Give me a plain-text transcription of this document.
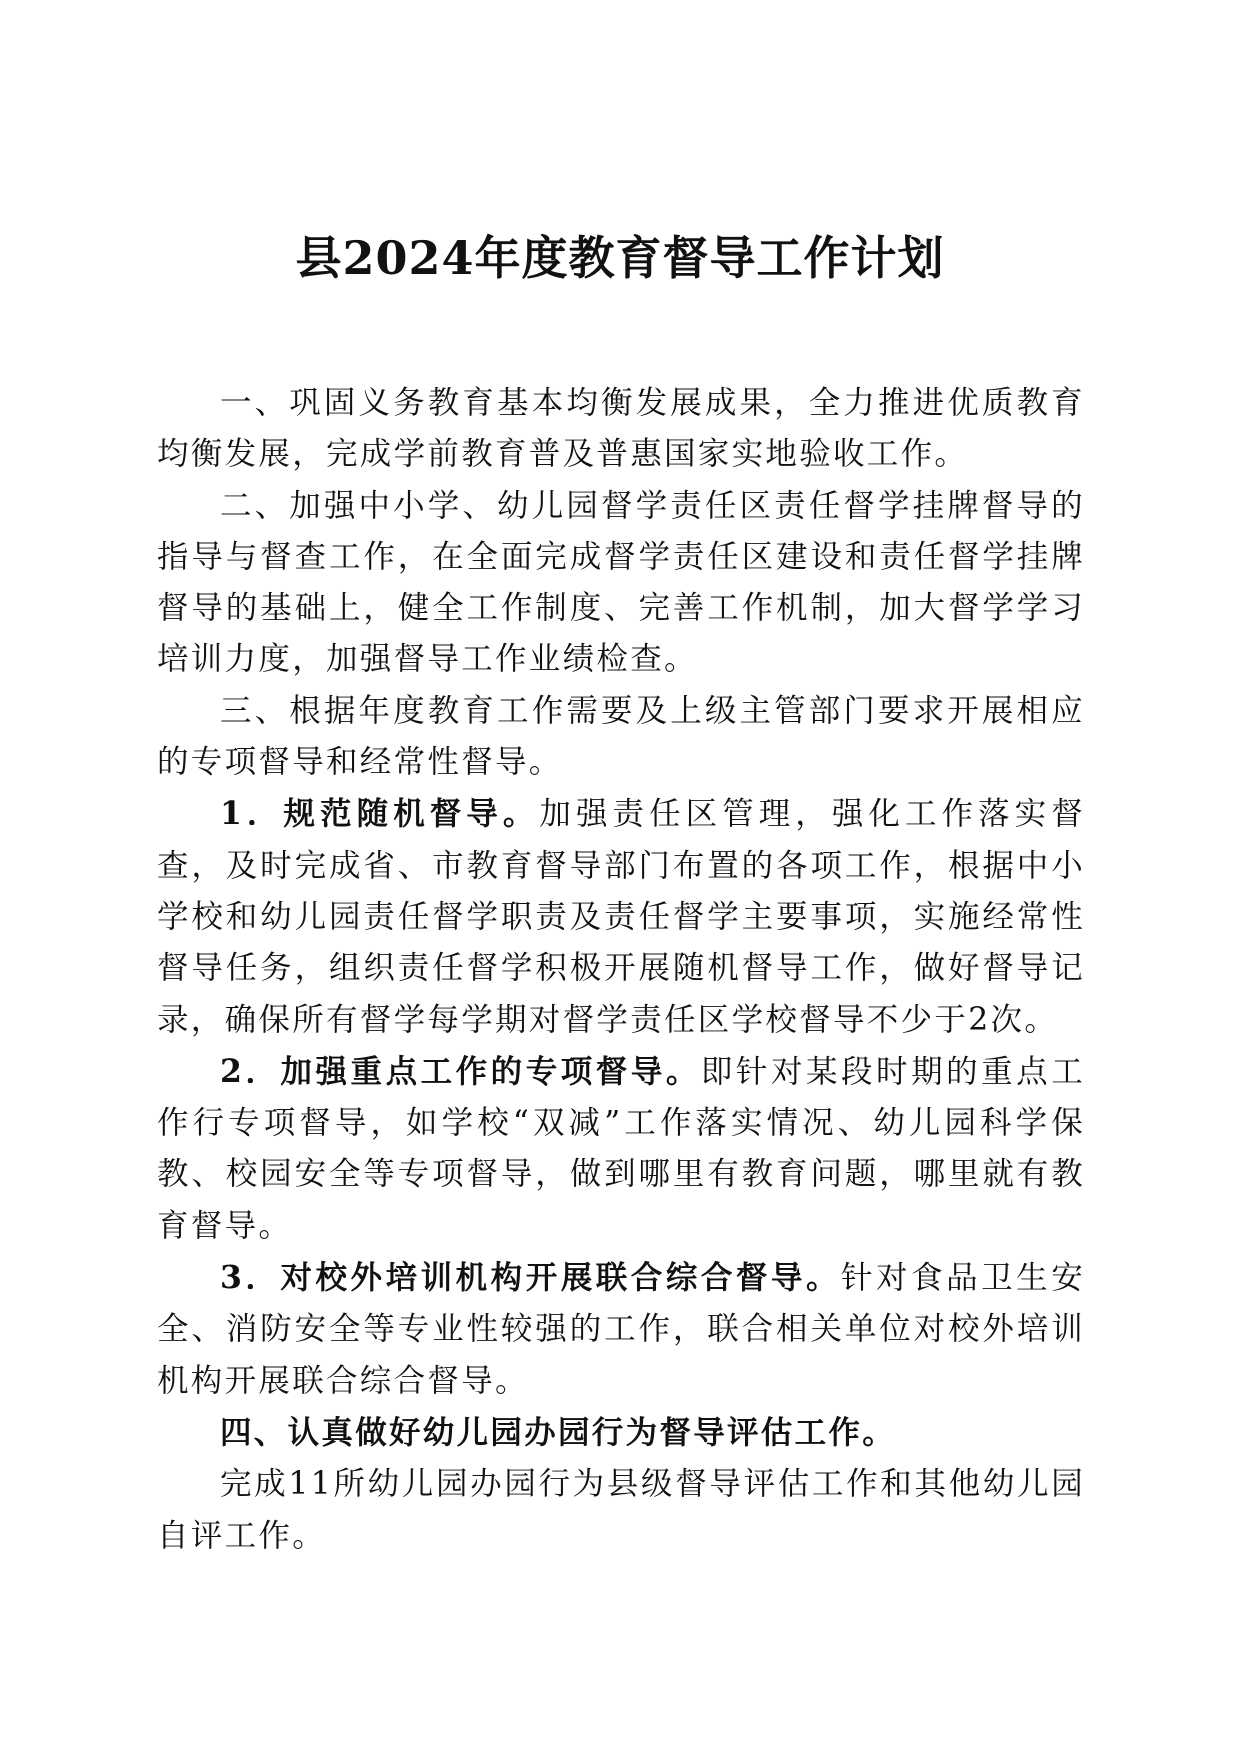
县2024年度教育督导工作计划

一、巩固义务教育基本均衡发展成果，全力推进优质教育均衡发展，完成学前教育普及普惠国家实地验收工作。

二、加强中小学、幼儿园督学责任区责任督学挂牌督导的指导与督查工作，在全面完成督学责任区建设和责任督学挂牌督导的基础上，健全工作制度、完善工作机制，加大督学学习培训力度，加强督导工作业绩检查。

三、根据年度教育工作需要及上级主管部门要求开展相应的专项督导和经常性督导。

1．规范随机督导。加强责任区管理，强化工作落实督查，及时完成省、市教育督导部门布置的各项工作，根据中小学校和幼儿园责任督学职责及责任督学主要事项，实施经常性督导任务，组织责任督学积极开展随机督导工作，做好督导记录，确保所有督学每学期对督学责任区学校督导不少于2次。

2．加强重点工作的专项督导。即针对某段时期的重点工作行专项督导，如学校“双减”工作落实情况、幼儿园科学保教、校园安全等专项督导，做到哪里有教育问题，哪里就有教育督导。

3．对校外培训机构开展联合综合督导。针对食品卫生安全、消防安全等专业性较强的工作，联合相关单位对校外培训机构开展联合综合督导。

四、认真做好幼儿园办园行为督导评估工作。

完成11所幼儿园办园行为县级督导评估工作和其他幼儿园自评工作。
